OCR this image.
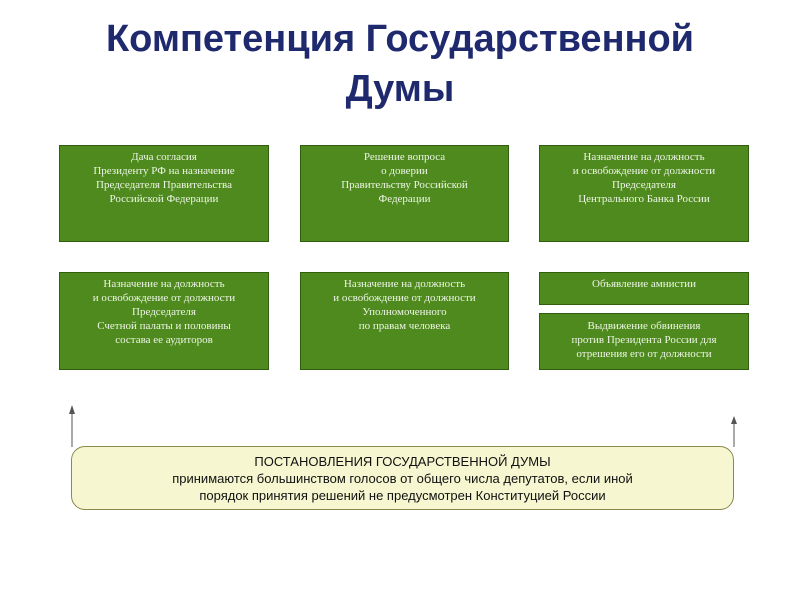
Компетенция Государственной
Думы
Дача согласия
Президенту РФ на назначение
Председателя Правительства
Российской Федерации
Решение вопроса
о доверии
Правительству Российской
Федерации
Назначение на должность
и освобождение от должности
Председателя
Центрального Банка России
Назначение на должность
и освобождение от должности
Председателя
Счетной палаты и половины
состава ее аудиторов
Назначение на должность
и освобождение от должности
Уполномоченного
по правам человека
Объявление амнистии
Выдвижение обвинения
против Президента России для
отрешения его от должности
ПОСТАНОВЛЕНИЯ ГОСУДАРСТВЕННОЙ ДУМЫ
принимаются большинством голосов от общего числа депутатов, если иной
порядок принятия решений не предусмотрен Конституцией России
